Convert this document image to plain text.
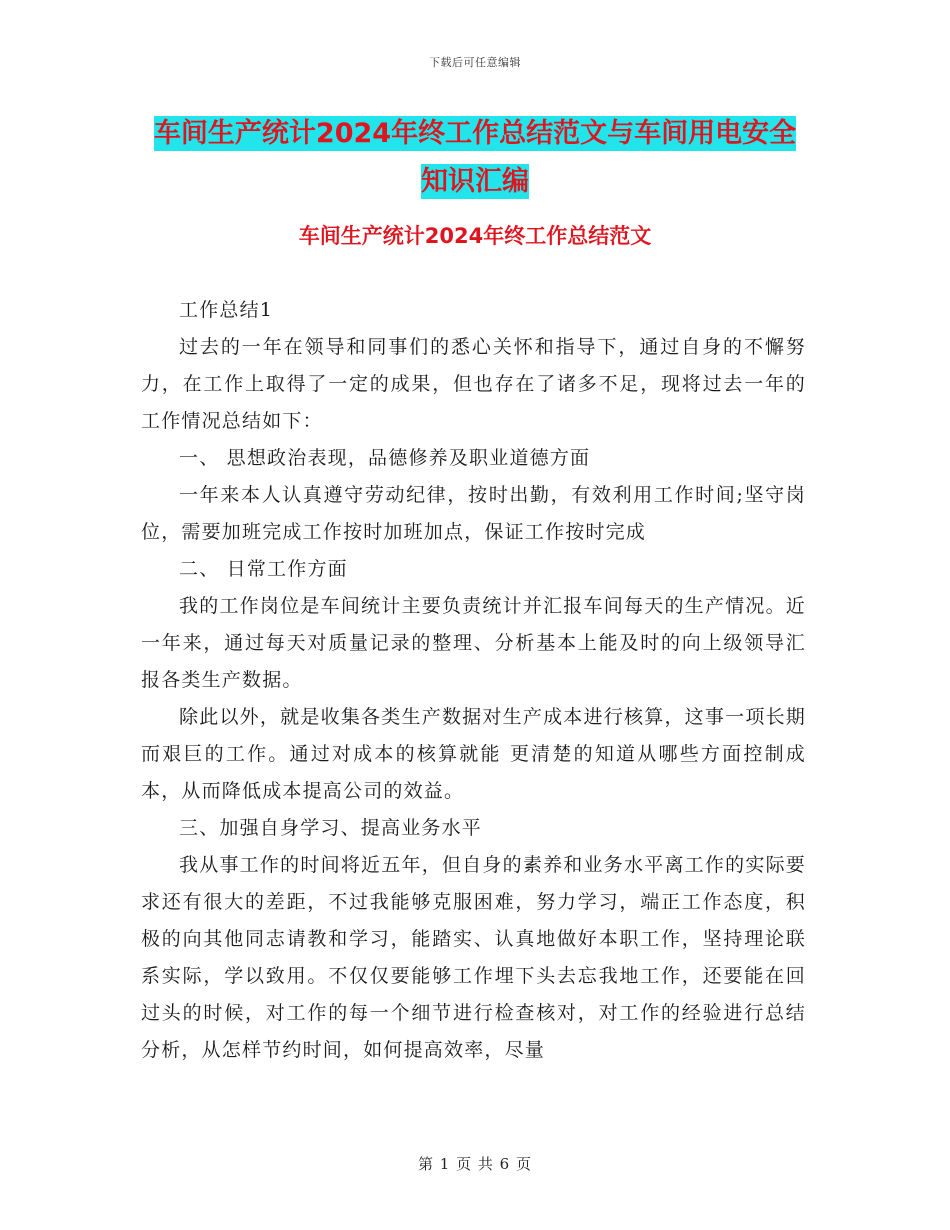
下载后可任意编辑
车间生产统计2024年终工作总结范文与车间用电安全
知识汇编
车间生产统计2024年终工作总结范文

工作总结1

过去的一年在领导和同事们的悉心关怀和指导下，通过自身的不懈努力，在工作上取得了一定的成果，但也存在了诸多不足，现将过去一年的工作情况总结如下：

一、 思想政治表现，品德修养及职业道德方面

一年来本人认真遵守劳动纪律，按时出勤，有效利用工作时间;坚守岗位，需要加班完成工作按时加班加点，保证工作按时完成

二、 日常工作方面

我的工作岗位是车间统计主要负责统计并汇报车间每天的生产情况。近一年来，通过每天对质量记录的整理、分析基本上能及时的向上级领导汇报各类生产数据。

除此以外，就是收集各类生产数据对生产成本进行核算，这事一项长期而艰巨的工作。通过对成本的核算就能 更清楚的知道从哪些方面控制成本，从而降低成本提高公司的效益。

三、加强自身学习、提高业务水平

我从事工作的时间将近五年，但自身的素养和业务水平离工作的实际要求还有很大的差距，不过我能够克服困难，努力学习，端正工作态度，积极的向其他同志请教和学习，能踏实、认真地做好本职工作，坚持理论联系实际，学以致用。不仅仅要能够工作埋下头去忘我地工作，还要能在回过头的时候，对工作的每一个细节进行检查核对，对工作的经验进行总结分析，从怎样节约时间，如何提高效率，尽量

第 1 页 共 6 页
